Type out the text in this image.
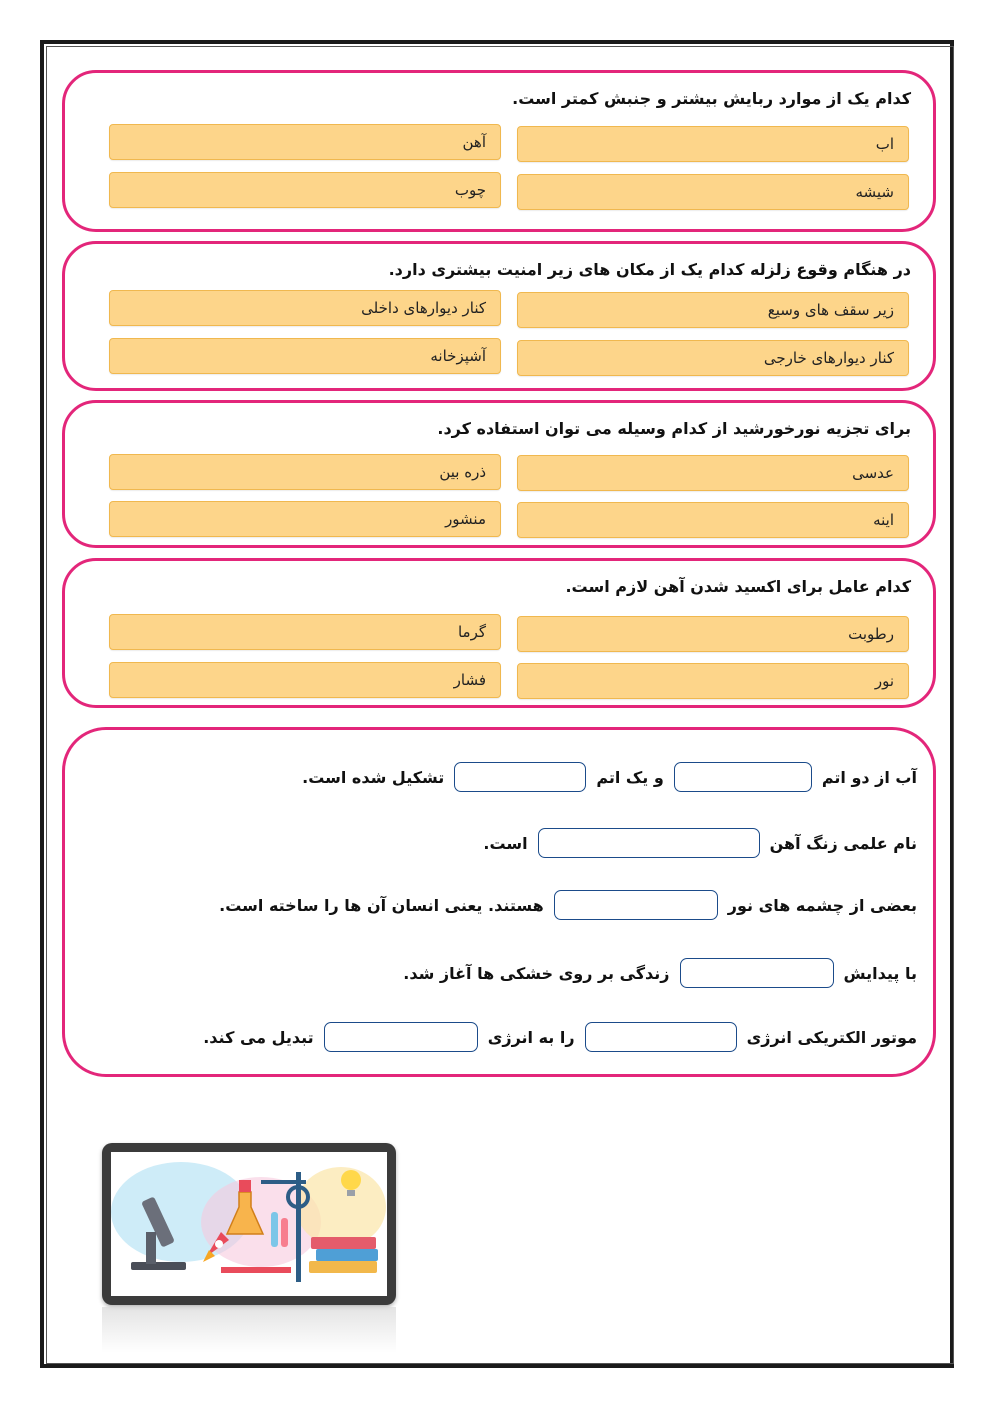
کدام یک از موارد ربایش بیشتر و جنبش کمتر است.
اب
آهن
شیشه
چوب
در هنگام وقوع زلزله کدام یک از مکان های زیر امنیت بیشتری دارد.
زیر سقف های وسیع
کنار دیوارهای داخلی
کنار دیوارهای خارجی
آشپزخانه
برای تجزیه نورخورشید از کدام وسیله می توان استفاده کرد.
عدسی
ذره بین
اینه
منشور
کدام عامل برای اکسید شدن آهن لازم است.
رطوبت
گرما
نور
فشار
آب از دو اتم
و یک اتم
تشکیل شده است.
نام علمی زنگ آهن
است.
بعضی از چشمه های نور
هستند. یعنی انسان آن ها را ساخته است.
با پیدایش
زندگی بر روی خشکی ها آغاز شد.
موتور الکتریکی انرژی
را به انرژی
تبدیل می کند.
